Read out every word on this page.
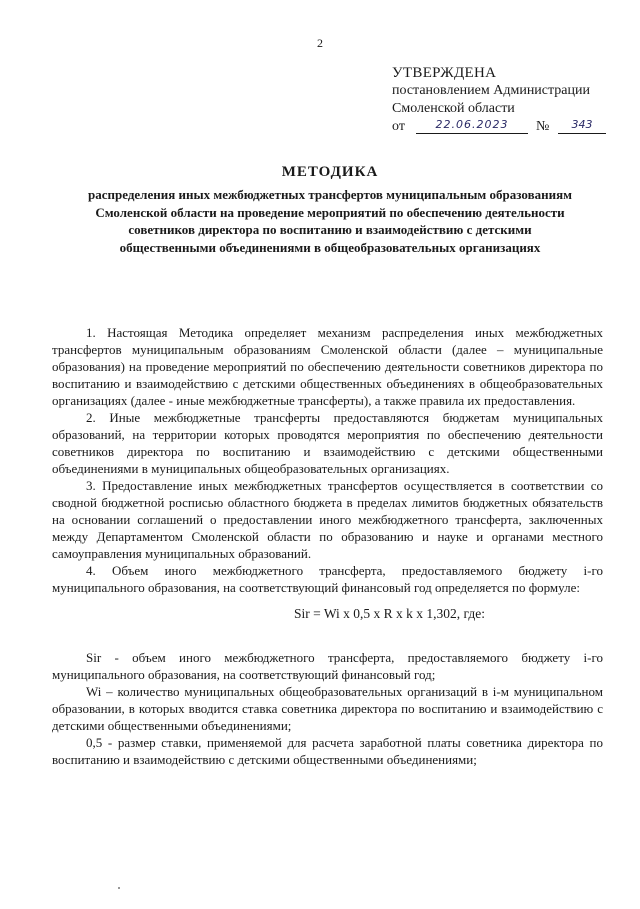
2
УТВЕРЖДЕНА
постановлением Администрации
Смоленской области
от	22.06.2023	№	343
МЕТОДИКА
распределения иных межбюджетных трансфертов муниципальным образованиям Смоленской области на проведение мероприятий по обеспечению деятельности советников директора по воспитанию и взаимодействию с детскими общественными объединениями в общеобразовательных организациях

1. Настоящая Методика определяет механизм распределения иных межбюджетных трансфертов муниципальным образованиям Смоленской области (далее – муниципальные образования) на проведение мероприятий по обеспечению деятельности советников директора по воспитанию и взаимодействию с детскими общественных объединениях в общеобразовательных организациях (далее - иные межбюджетные трансферты), а также правила их предоставления.

2. Иные межбюджетные трансферты предоставляются бюджетам муниципальных образований, на территории которых проводятся мероприятия по обеспечению деятельности советников директора по воспитанию и взаимодействию с детскими общественными объединениями в муниципальных общеобразовательных организациях.

3. Предоставление иных межбюджетных трансфертов осуществляется в соответствии со сводной бюджетной росписью областного бюджета в пределах лимитов бюджетных обязательств на основании соглашений о предоставлении иного межбюджетного трансферта, заключенных между Департаментом Смоленской области по образованию и науке и органами местного самоуправления муниципальных образований.

4. Объем иного межбюджетного трансферта, предоставляемого бюджету i-го муниципального образования, на соответствующий финансовый год определяется по формуле:

Sir = Wi x 0,5 x R x k x 1,302, где:

Sir - объем иного межбюджетного трансферта, предоставляемого бюджету i-го муниципального образования, на соответствующий финансовый год;

Wi – количество муниципальных общеобразовательных организаций в i-м муниципальном образовании, в которых вводится ставка советника директора по воспитанию и взаимодействию с детскими общественными объединениями;

0,5 - размер ставки, применяемой для расчета заработной платы советника директора по воспитанию и взаимодействию с детскими общественными объединениями;
